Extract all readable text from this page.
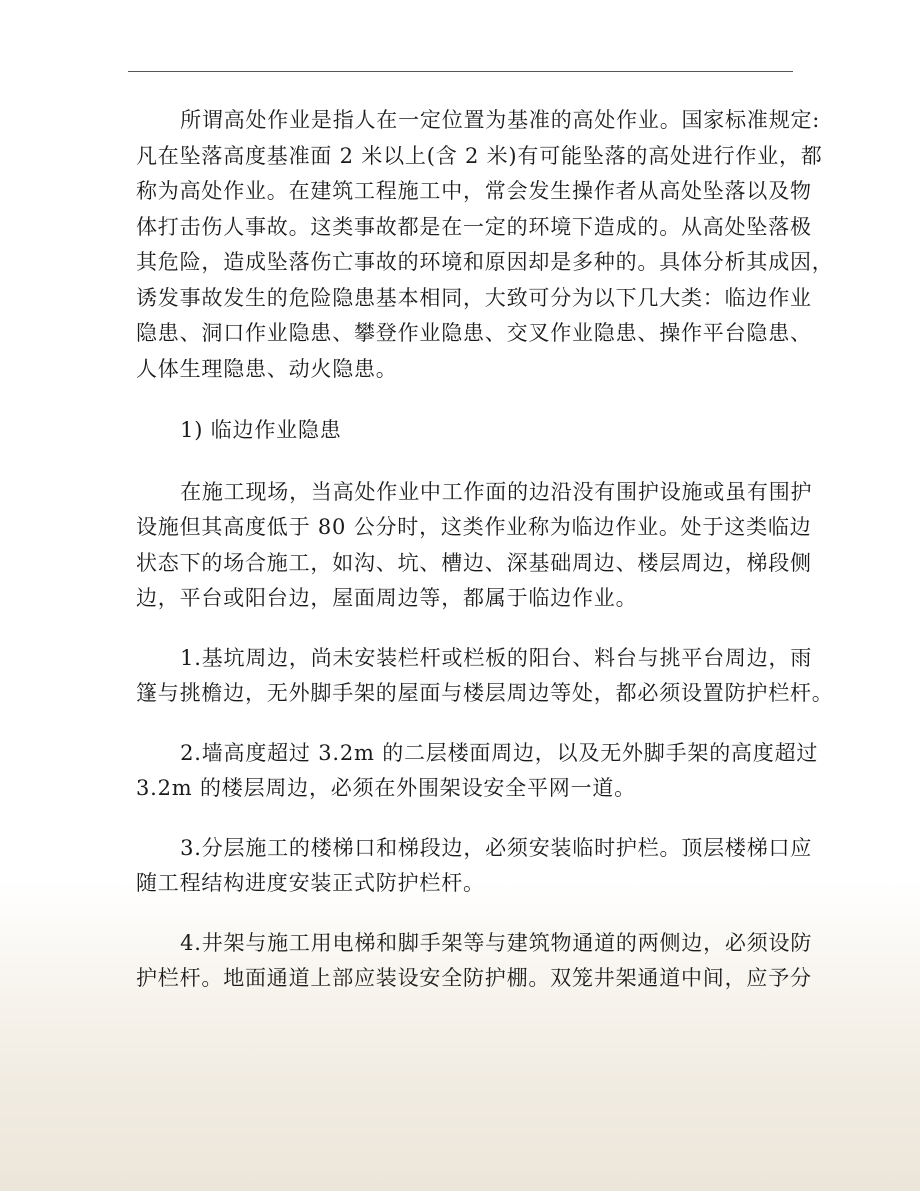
所谓高处作业是指人在一定位置为基准的高处作业。国家标准规定:
凡在坠落高度基准面 2 米以上(含 2 米)有可能坠落的高处进行作业，都
称为高处作业。在建筑工程施工中，常会发生操作者从高处坠落以及物
体打击伤人事故。这类事故都是在一定的环境下造成的。从高处坠落极
其危险，造成坠落伤亡事故的环境和原因却是多种的。具体分析其成因，
诱发事故发生的危险隐患基本相同，大致可分为以下几大类：临边作业
隐患、洞口作业隐患、攀登作业隐患、交叉作业隐患、操作平台隐患、
人体生理隐患、动火隐患。

1) 临边作业隐患

在施工现场，当高处作业中工作面的边沿没有围护设施或虽有围护
设施但其高度低于 80 公分时，这类作业称为临边作业。处于这类临边
状态下的场合施工，如沟、坑、槽边、深基础周边、楼层周边，梯段侧
边，平台或阳台边，屋面周边等，都属于临边作业。

1.基坑周边，尚未安装栏杆或栏板的阳台、料台与挑平台周边，雨
篷与挑檐边，无外脚手架的屋面与楼层周边等处，都必须设置防护栏杆。

2.墙高度超过 3.2m 的二层楼面周边，以及无外脚手架的高度超过
3.2m 的楼层周边，必须在外围架设安全平网一道。

3.分层施工的楼梯口和梯段边，必须安装临时护栏。顶层楼梯口应
随工程结构进度安装正式防护栏杆。

4.井架与施工用电梯和脚手架等与建筑物通道的两侧边，必须设防
护栏杆。地面通道上部应装设安全防护棚。双笼井架通道中间，应予分
